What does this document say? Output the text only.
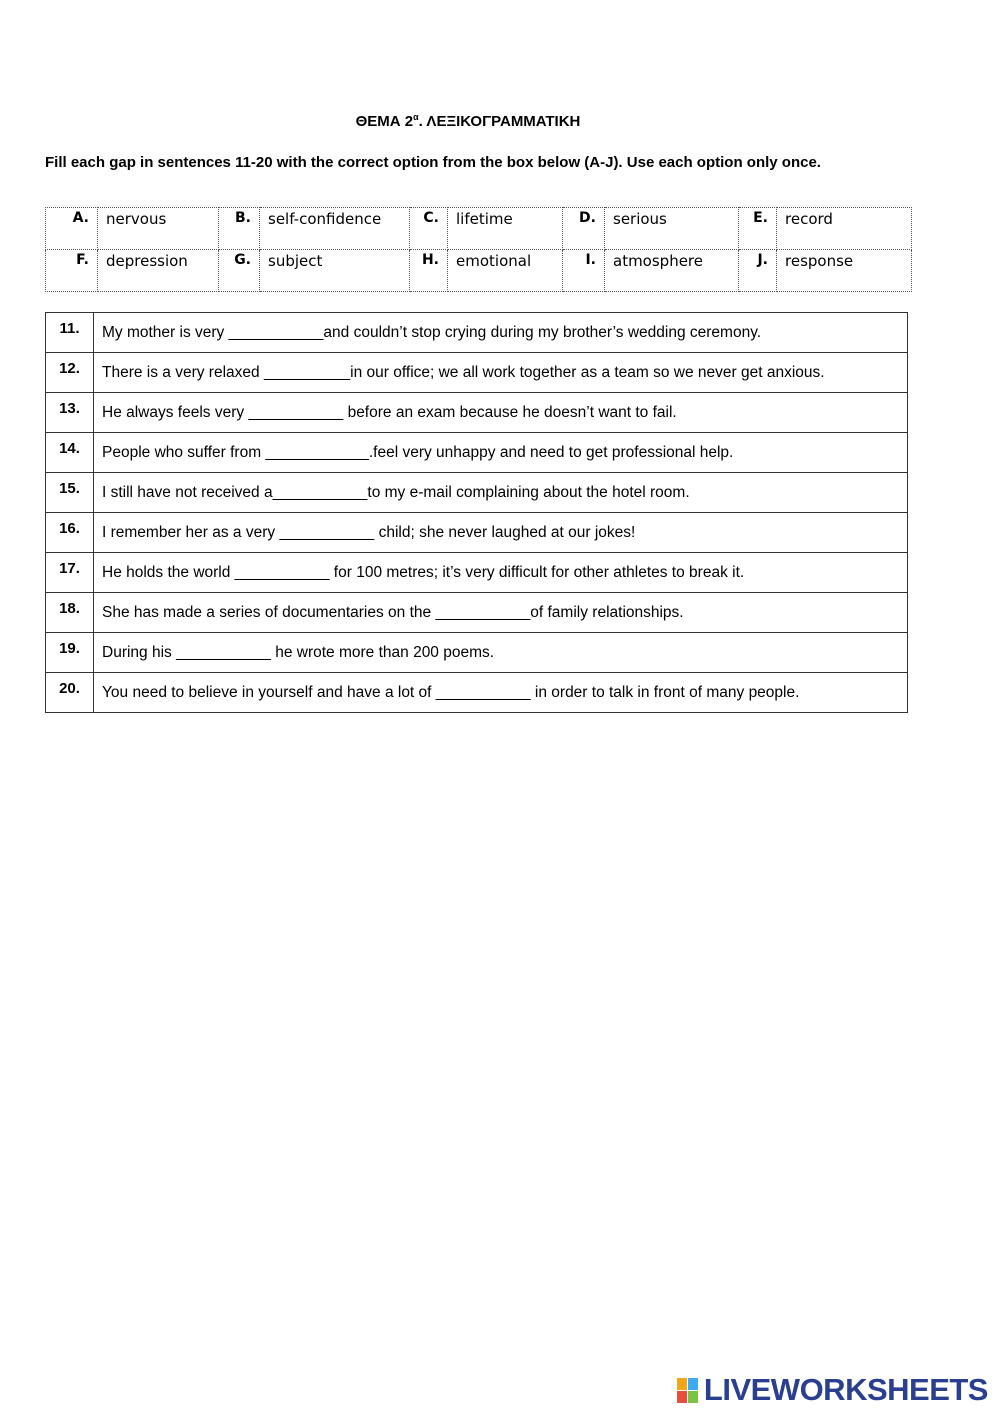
ΘΕΜΑ $2^\alpha$. ΛΕΞΙΚΟΓΡΑΜΜΑΤΙΚΗ
Fill each gap in sentences 11-20 with the correct option from the box below (A-J). Use each option only once.
A.	nervous	B.	self-confidence	C.	lifetime	D.	serious	E.	record
F.	depression	G.	subject	H.	emotional	I.	atmosphere	J.	response
11.	My mother is very ___________and couldn’t stop crying during my brother’s wedding ceremony.
12.	There is a very relaxed __________in our office; we all work together as a team so we never get anxious.
13.	He always feels very ___________ before an exam because he doesn’t want to fail.
14.	People who suffer from ____________.feel very unhappy and need to get professional help.
15.	I still have not received a___________to my e-mail complaining about the hotel room.
16.	I remember her as a very ___________ child; she never laughed at our jokes!
17.	He holds the world ___________ for 100 metres; it’s very difficult for other athletes to break it.
18.	She has made a series of documentaries on the ___________of family relationships.
19.	During his ___________ he wrote more than 200 poems.
20.	You need to believe in yourself and have a lot of ___________ in order to talk in front of many people.
LIVEWORKSHEETS
